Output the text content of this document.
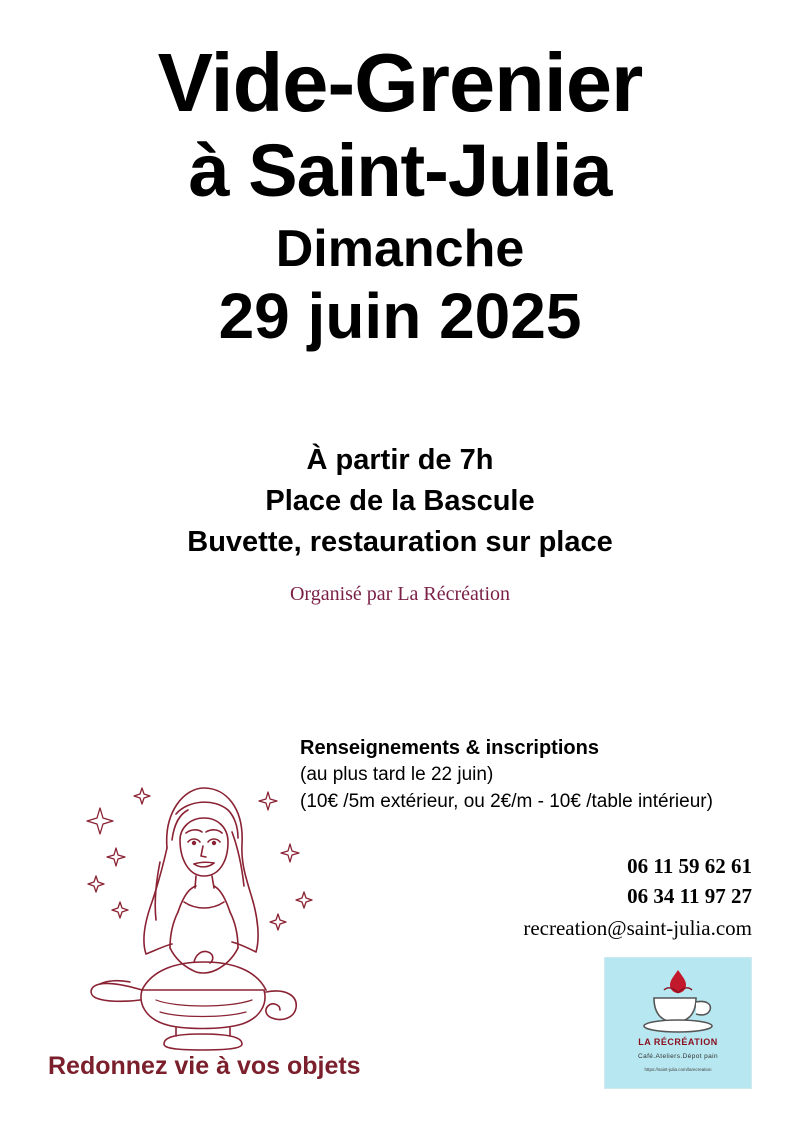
Vide-Grenier
à Saint-Julia
Dimanche
29 juin 2025
À partir de 7h
Place de la Bascule
Buvette, restauration sur place
Organisé par La Récréation
Renseignements & inscriptions
(au plus tard le 22 juin)
(10€ /5m extérieur, ou 2€/m - 10€ /table intérieur)
06 11 59 62 61
06 34 11 97 27
recreation@saint-julia.com
Redonnez vie à vos objets
LA RÉCRÉATION
Café.Ateliers.Dépot pain
https://saint-julia.com/larecreation
